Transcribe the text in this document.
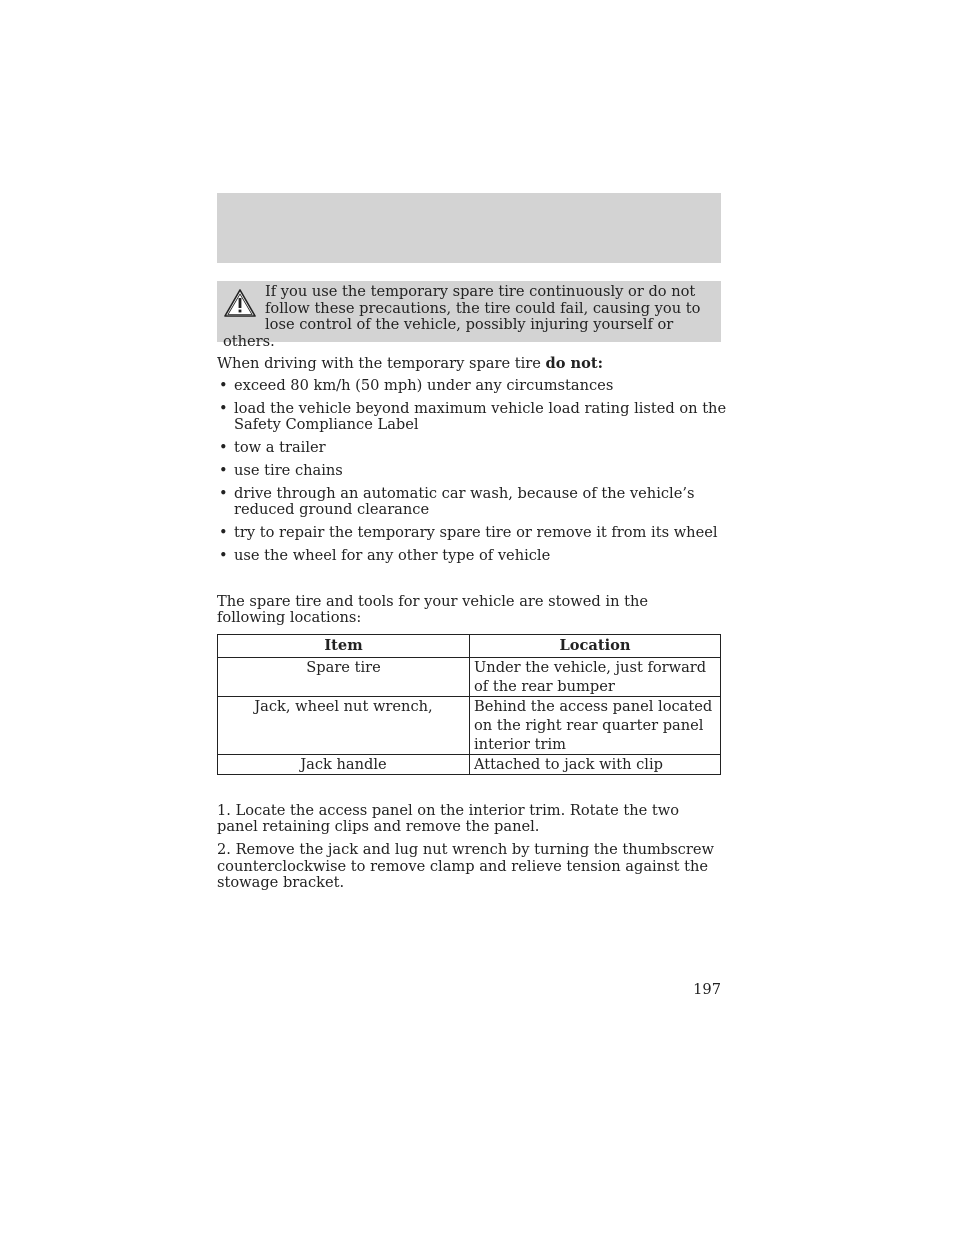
If you use the temporary spare tire continuously or do not follow these precautions, the tire could fail, causing you to lose control of the vehicle, possibly injuring yourself or others.
When driving with the temporary spare tire do not:
• exceed 80 km/h (50 mph) under any circumstances
• load the vehicle beyond maximum vehicle load rating listed on the Safety Compliance Label
• tow a trailer
• use tire chains
• drive through an automatic car wash, because of the vehicle’s reduced ground clearance
• try to repair the temporary spare tire or remove it from its wheel
• use the wheel for any other type of vehicle
The spare tire and tools for your vehicle are stowed in the following locations:
Item	Location
Spare tire	Under the vehicle, just forward of the rear bumper
Jack, wheel nut wrench,	Behind the access panel located on the right rear quarter panel interior trim
Jack handle	Attached to jack with clip

1. Locate the access panel on the interior trim. Rotate the two panel retaining clips and remove the panel.

2. Remove the jack and lug nut wrench by turning the thumbscrew counterclockwise to remove clamp and relieve tension against the stowage bracket.

197
